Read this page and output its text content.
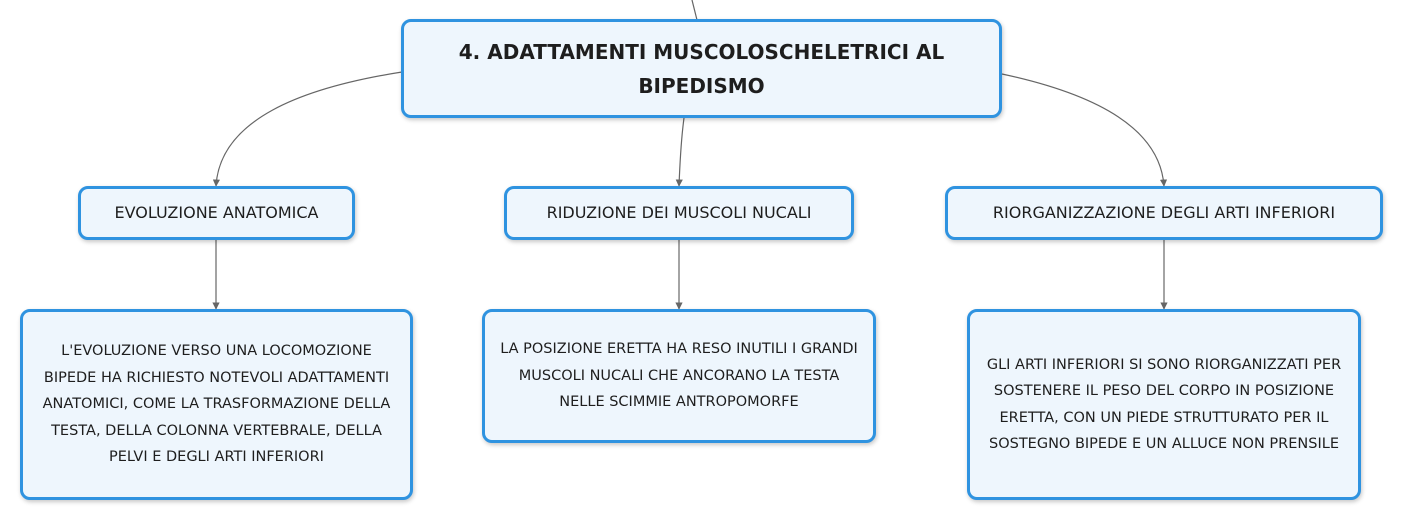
4. ADATTAMENTI MUSCOLOSCHELETRICI AL BIPEDISMO
EVOLUZIONE ANATOMICA	RIDUZIONE DEI MUSCOLI NUCALI	RIORGANIZZAZIONE DEGLI ARTI INFERIORI
L'EVOLUZIONE VERSO UNA LOCOMOZIONE BIPEDE HA RICHIESTO NOTEVOLI ADATTAMENTI ANATOMICI, COME LA TRASFORMAZIONE DELLA TESTA, DELLA COLONNA VERTEBRALE, DELLA PELVI E DEGLI ARTI INFERIORI
LA POSIZIONE ERETTA HA RESO INUTILI I GRANDI MUSCOLI NUCALI CHE ANCORANO LA TESTA NELLE SCIMMIE ANTROPOMORFE
GLI ARTI INFERIORI SI SONO RIORGANIZZATI PER SOSTENERE IL PESO DEL CORPO IN POSIZIONE ERETTA, CON UN PIEDE STRUTTURATO PER IL SOSTEGNO BIPEDE E UN ALLUCE NON PRENSILE
